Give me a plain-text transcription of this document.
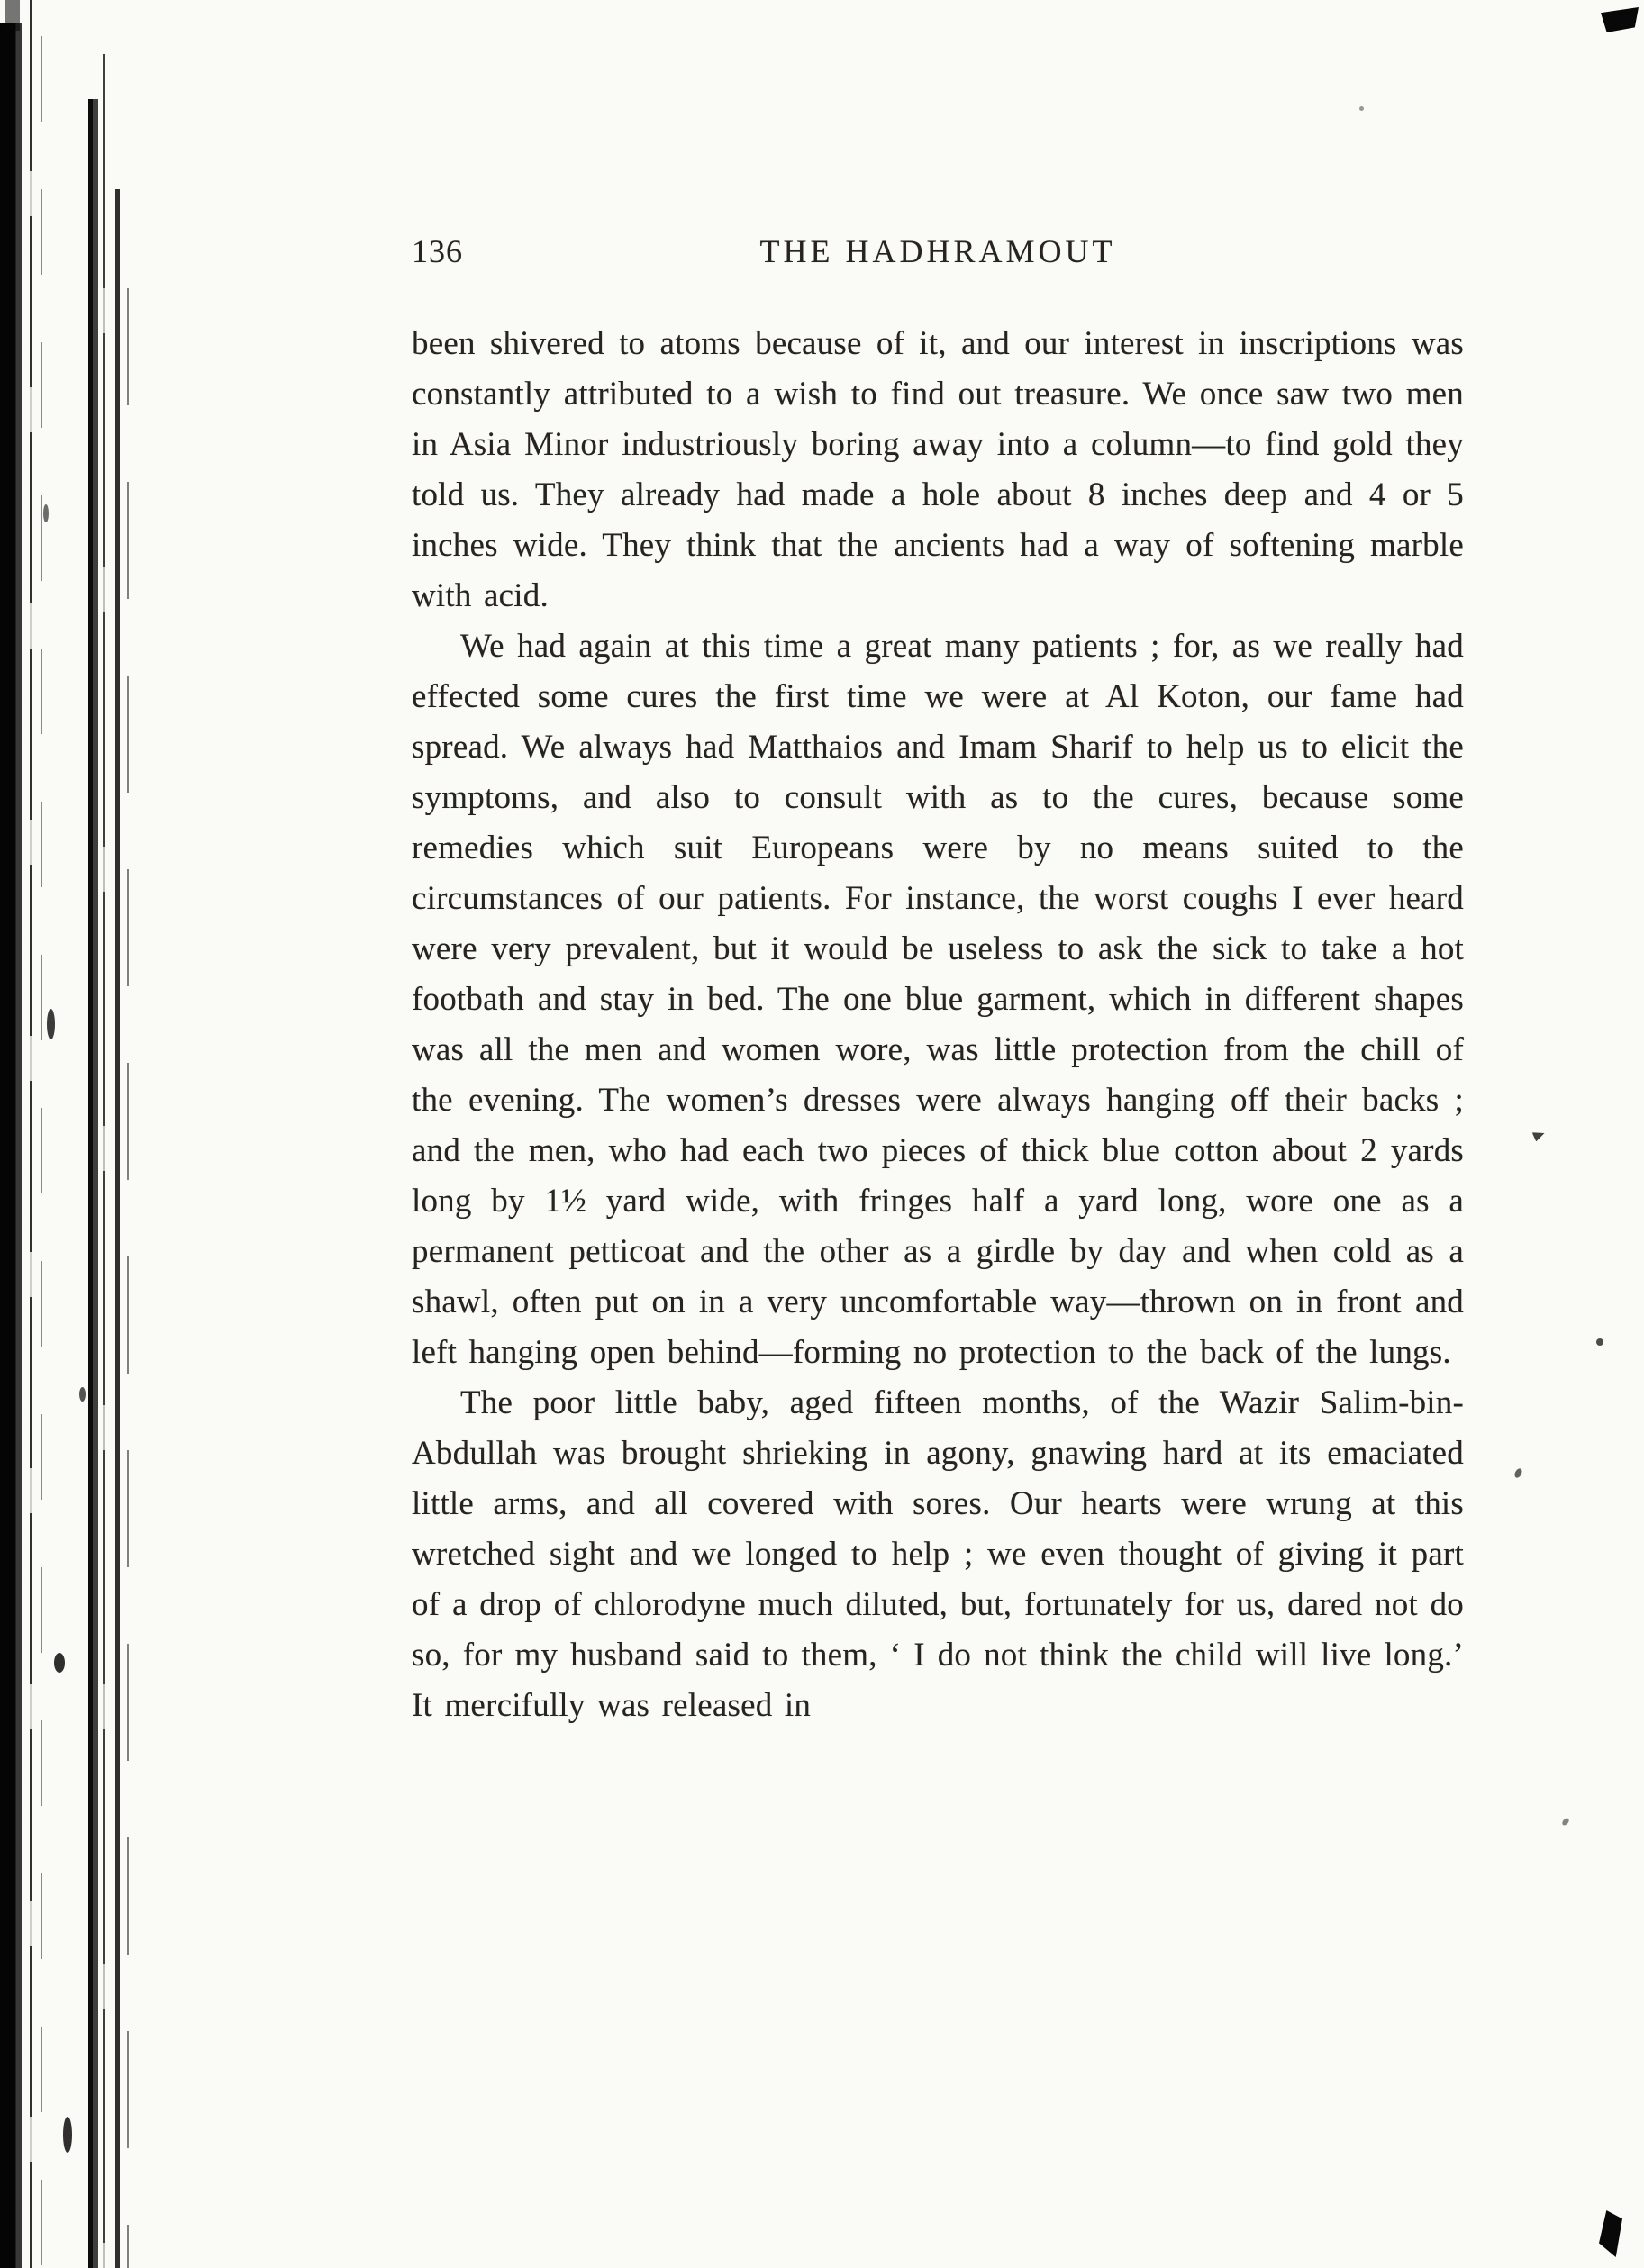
136	THE HADHRAMOUT

been shivered to atoms because of it, and our interest in inscriptions was constantly attributed to a wish to find out treasure. We once saw two men in Asia Minor industriously boring away into a column—to find gold they told us. They already had made a hole about 8 inches deep and 4 or 5 inches wide. They think that the ancients had a way of softening marble with acid.

We had again at this time a great many patients ; for, as we really had effected some cures the first time we were at Al Koton, our fame had spread. We always had Matthaios and Imam Sharif to help us to elicit the symptoms, and also to consult with as to the cures, because some remedies which suit Europeans were by no means suited to the circumstances of our patients. For instance, the worst coughs I ever heard were very prevalent, but it would be useless to ask the sick to take a hot footbath and stay in bed. The one blue garment, which in different shapes was all the men and women wore, was little protection from the chill of the evening. The women’s dresses were always hanging off their backs ; and the men, who had each two pieces of thick blue cotton about 2 yards long by 1½ yard wide, with fringes half a yard long, wore one as a permanent petticoat and the other as a girdle by day and when cold as a shawl, often put on in a very uncomfortable way—thrown on in front and left hanging open behind—forming no protection to the back of the lungs.

The poor little baby, aged fifteen months, of the Wazir Salim-bin-Abdullah was brought shrieking in agony, gnawing hard at its emaciated little arms, and all covered with sores. Our hearts were wrung at this wretched sight and we longed to help ; we even thought of giving it part of a drop of chlorodyne much diluted, but, fortunately for us, dared not do so, for my husband said to them, ‘ I do not think the child will live long.’ It mercifully was released in
